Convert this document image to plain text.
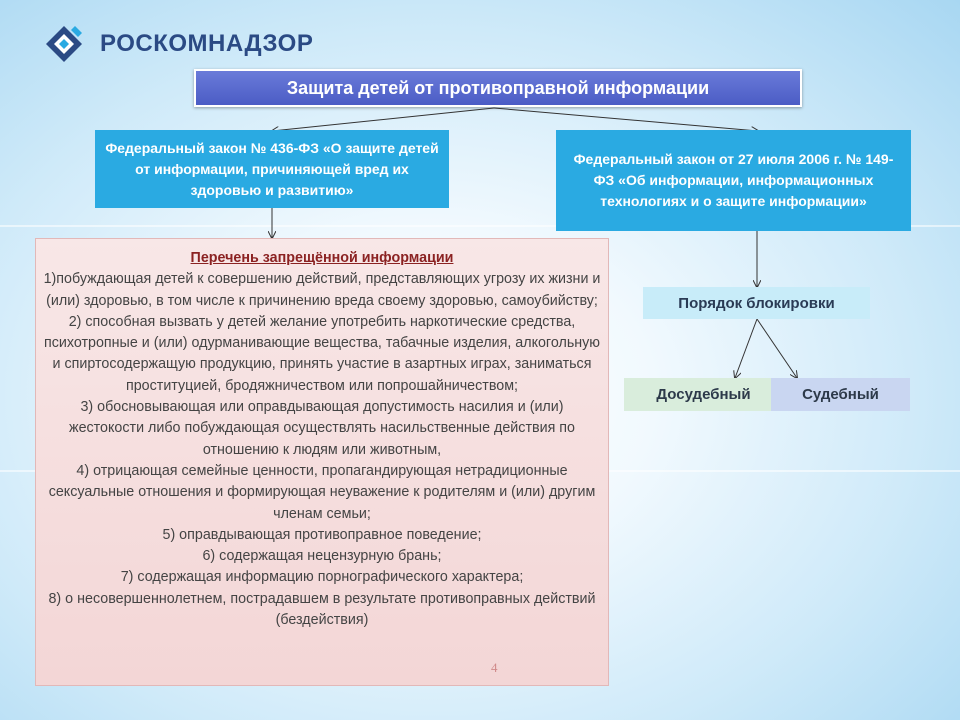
РОСКОМНАДЗОР
Защита детей от противоправной информации
Федеральный закон № 436-ФЗ «О защите детей от информации, причиняющей вред их здоровью и развитию»
Федеральный закон от 27 июля 2006 г. № 149-ФЗ «Об информации, информационных технологиях и о защите информации»
Перечень запрещённой информации
1)побуждающая детей к совершению действий, представляющих угрозу их жизни и (или) здоровью, в том числе к причинению вреда своему здоровью, самоубийству;
2) способная вызвать у детей желание употребить наркотические средства, психотропные и (или) одурманивающие вещества, табачные изделия, алкогольную и спиртосодержащую продукцию, принять участие в азартных играх, заниматься проституцией, бродяжничеством или попрошайничеством;
3) обосновывающая или оправдывающая допустимость насилия и (или) жестокости либо побуждающая осуществлять насильственные действия по отношению к людям или животным,
4) отрицающая семейные ценности, пропагандирующая нетрадиционные сексуальные отношения и формирующая неуважение к родителям и (или) другим членам семьи;
5) оправдывающая противоправное поведение;
6) содержащая нецензурную брань;
7) содержащая информацию порнографического характера;
8) о несовершеннолетнем, пострадавшем в результате противоправных действий (бездействия)
4
Порядок блокировки
Досудебный	Судебный
